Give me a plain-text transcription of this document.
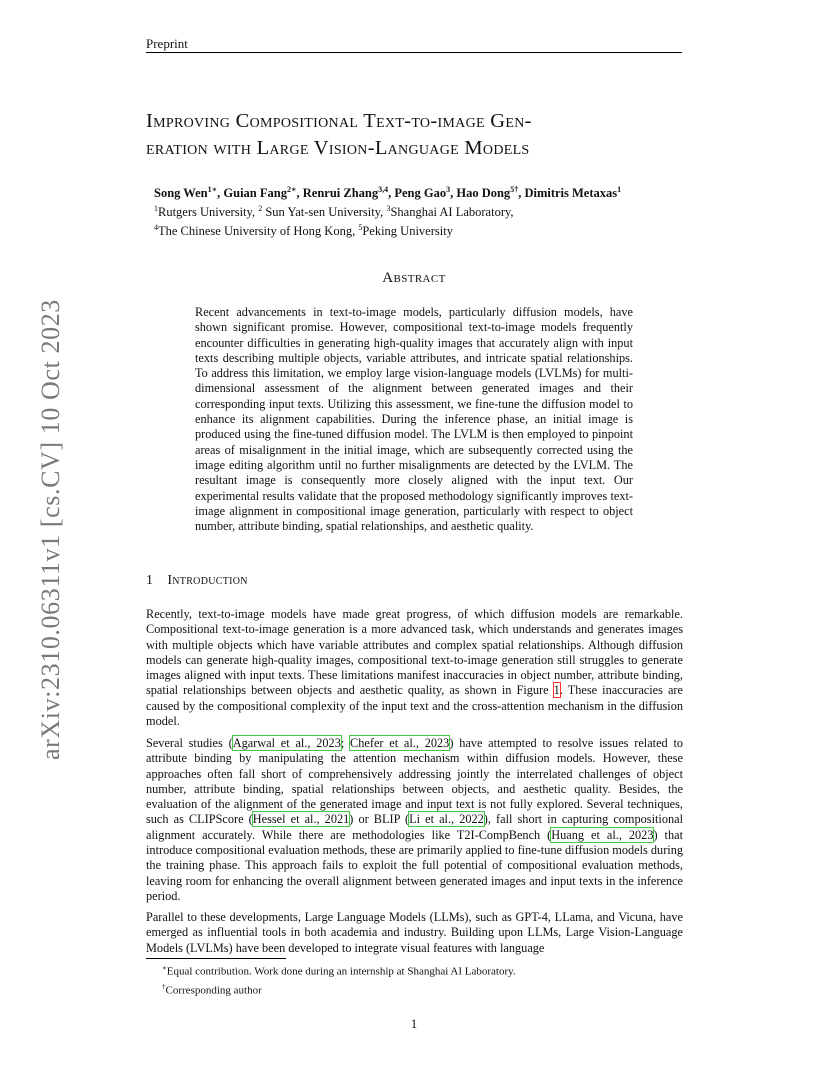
Preprint
Improving Compositional Text-to-image Gen-
eration with Large Vision-Language Models
Song Wen$^{1∗}$, Guian Fang$^{2∗}$, Renrui Zhang$^{3,4}$, Peng Gao$^3$, Hao Dong$^{5\dagger}$, Dimitris Metaxas$^1$
$^1$Rutgers University, $^2$ Sun Yat-sen University, $^3$Shanghai AI Laboratory,
$^4$The Chinese University of Hong Kong, $^5$Peking University
arXiv:2310.06311v1 [cs.CV] 10 Oct 2023
Abstract

Recent advancements in text-to-image models, particularly diffusion models, have shown significant promise. However, compositional text-to-image models frequently encounter difficulties in generating high-quality images that accurately align with input texts describing multiple objects, variable attributes, and intricate spatial relationships. To address this limitation, we employ large vision-language models (LVLMs) for multi-dimensional assessment of the alignment between generated images and their corresponding input texts. Utilizing this assessment, we fine-tune the diffusion model to enhance its alignment capabilities. During the inference phase, an initial image is produced using the fine-tuned diffusion model. The LVLM is then employed to pinpoint areas of misalignment in the initial image, which are subsequently corrected using the image editing algorithm until no further misalignments are detected by the LVLM. The resultant image is consequently more closely aligned with the input text. Our experimental results validate that the proposed methodology significantly improves text-image alignment in compositional image generation, particularly with respect to object number, attribute binding, spatial relationships, and aesthetic quality.

1 Introduction

Recently, text-to-image models have made great progress, of which diffusion models are remarkable. Compositional text-to-image generation is a more advanced task, which understands and generates images with multiple objects which have variable attributes and complex spatial relationships. Although diffusion models can generate high-quality images, compositional text-to-image generation still struggles to generate images aligned with input texts. These limitations manifest inaccuracies in object number, attribute binding, spatial relationships between objects and aesthetic quality, as shown in Figure 1. These inaccuracies are caused by the compositional complexity of the input text and the cross-attention mechanism in the diffusion model.

Several studies (Agarwal et al., 2023; Chefer et al., 2023) have attempted to resolve issues related to attribute binding by manipulating the attention mechanism within diffusion models. However, these approaches often fall short of comprehensively addressing jointly the interrelated challenges of object number, attribute binding, spatial relationships between objects, and aesthetic quality. Besides, the evaluation of the alignment of the generated image and input text is not fully explored. Several techniques, such as CLIPScore (Hessel et al., 2021) or BLIP (Li et al., 2022), fall short in capturing compositional alignment accurately. While there are methodologies like T2I-CompBench (Huang et al., 2023) that introduce compositional evaluation methods, these are primarily applied to fine-tune diffusion models during the training phase. This approach fails to exploit the full potential of compositional evaluation methods, leaving room for enhancing the overall alignment between generated images and input texts in the inference period.

Parallel to these developments, Large Language Models (LLMs), such as GPT-4, LLama, and Vicuna, have emerged as influential tools in both academia and industry. Building upon LLMs, Large Vision-Language Models (LVLMs) have been developed to integrate visual features with language

∗Equal contribution. Work done during an internship at Shanghai AI Laboratory.
†Corresponding author
1
